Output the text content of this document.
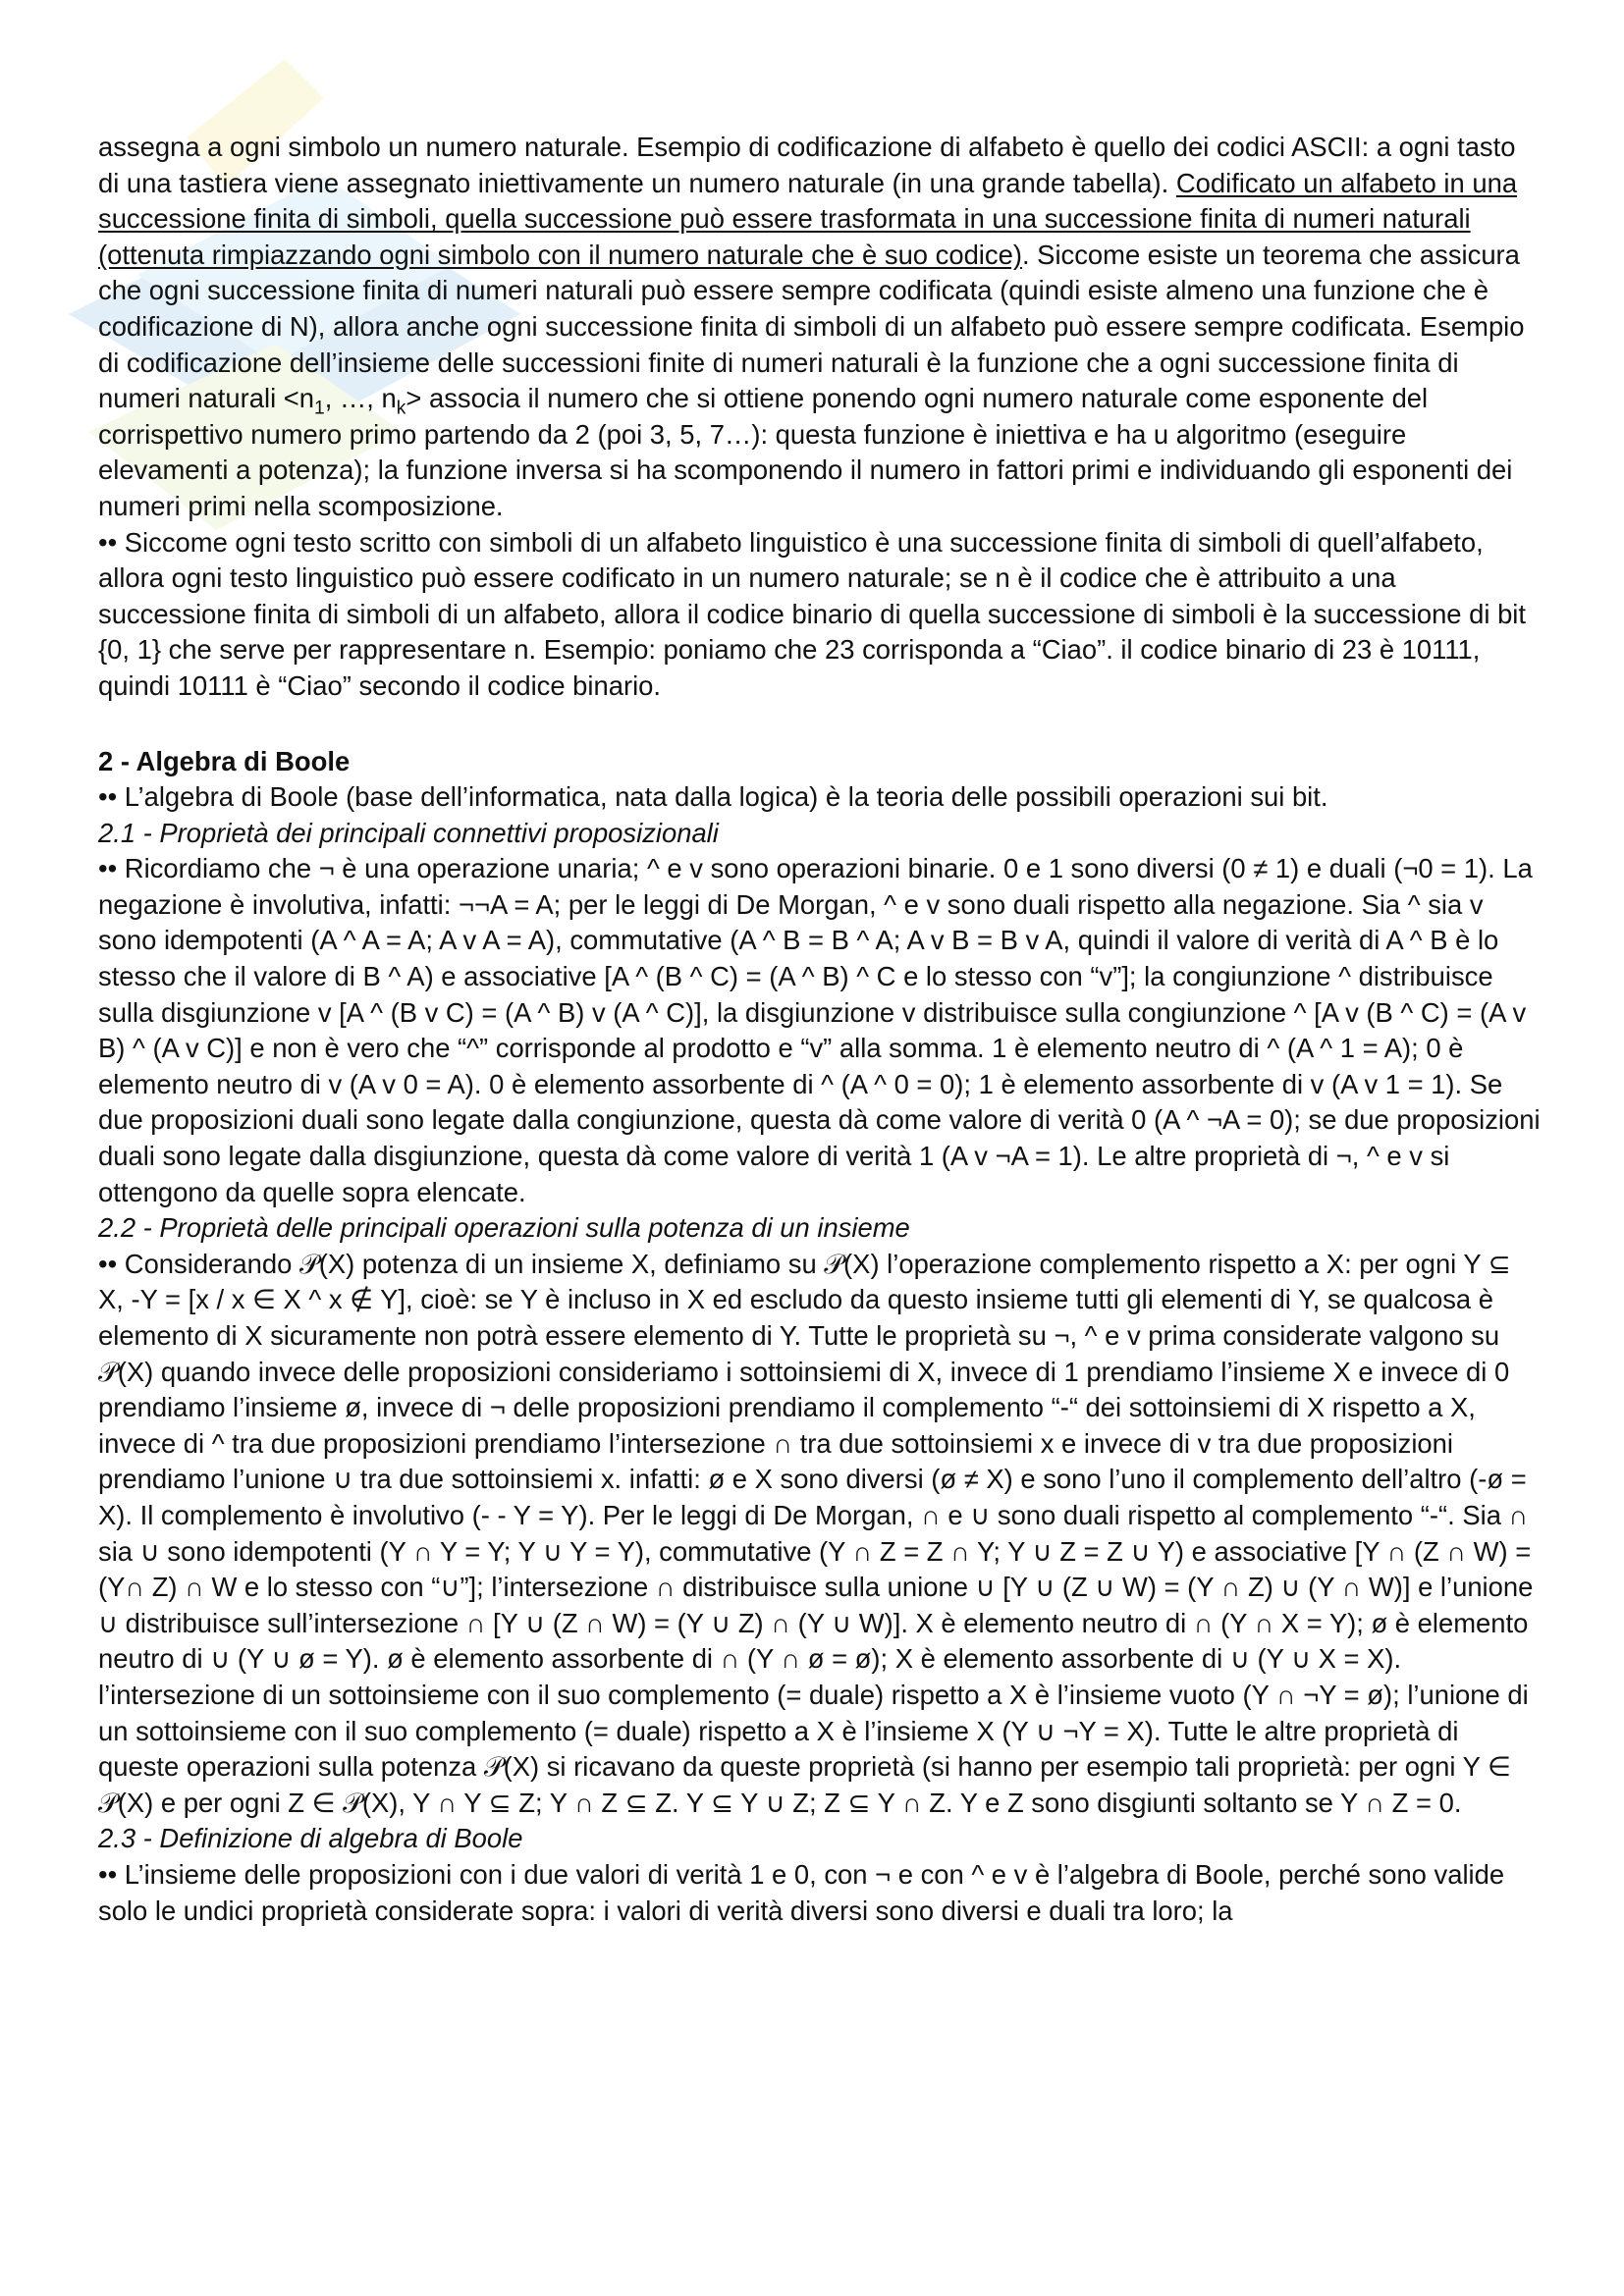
assegna a ogni simbolo un numero naturale. Esempio di codificazione di alfabeto è quello dei codici ASCII: a ogni tasto di una tastiera viene assegnato iniettivamente un numero naturale (in una grande tabella). Codificato un alfabeto in una successione finita di simboli, quella successione può essere trasformata in una successione finita di numeri naturali (ottenuta rimpiazzando ogni simbolo con il numero naturale che è suo codice). Siccome esiste un teorema che assicura che ogni successione finita di numeri naturali può essere sempre codificata (quindi esiste almeno una funzione che è codificazione di N), allora anche ogni successione finita di simboli di un alfabeto può essere sempre codificata. Esempio di codificazione dell’insieme delle successioni finite di numeri naturali è la funzione che a ogni successione finita di numeri naturali $<n_1$, …, $n_k>$ associa il numero che si ottiene ponendo ogni numero naturale come esponente del corrispettivo numero primo partendo da 2 (poi 3, 5, 7…): questa funzione è iniettiva e ha u algoritmo (eseguire elevamenti a potenza); la funzione inversa si ha scomponendo il numero in fattori primi e individuando gli esponenti dei numeri primi nella scomposizione.

•• Siccome ogni testo scritto con simboli di un alfabeto linguistico è una successione finita di simboli di quell’alfabeto, allora ogni testo linguistico può essere codificato in un numero naturale; se n è il codice che è attribuito a una successione finita di simboli di un alfabeto, allora il codice binario di quella successione di simboli è la successione di bit {0, 1} che serve per rappresentare n. Esempio: poniamo che 23 corrisponda a “Ciao”. il codice binario di 23 è 10111, quindi 10111 è “Ciao” secondo il codice binario.

2 - Algebra di Boole

•• L’algebra di Boole (base dell’informatica, nata dalla logica) è la teoria delle possibili operazioni sui bit.

2.1 - Proprietà dei principali connettivi proposizionali

•• Ricordiamo che ¬ è una operazione unaria; ^ e v sono operazioni binarie. 0 e 1 sono diversi (0 ≠ 1) e duali (¬0 = 1). La negazione è involutiva, infatti: ¬¬A = A; per le leggi di De Morgan, ^ e v sono duali rispetto alla negazione. Sia ^ sia v sono idempotenti (A ^ A = A; A v A = A), commutative (A ^ B = B ^ A; A v B = B v A, quindi il valore di verità di A ^ B è lo stesso che il valore di B ^ A) e associative [A ^ (B ^ C) = (A ^ B) ^ C e lo stesso con “v”]; la congiunzione ^ distribuisce sulla disgiunzione v [A ^ (B v C) = (A ^ B) v (A ^ C)], la disgiunzione v distribuisce sulla congiunzione ^ [A v (B ^ C) = (A v B) ^ (A v C)] e non è vero che “^” corrisponde al prodotto e “v” alla somma. 1 è elemento neutro di ^ (A ^ 1 = A); 0 è elemento neutro di v (A v 0 = A). 0 è elemento assorbente di ^ (A ^ 0 = 0); 1 è elemento assorbente di v (A v 1 = 1). Se due proposizioni duali sono legate dalla congiunzione, questa dà come valore di verità 0 (A ^ ¬A = 0); se due proposizioni duali sono legate dalla disgiunzione, questa dà come valore di verità 1 (A v ¬A = 1). Le altre proprietà di ¬, ^ e v si ottengono da quelle sopra elencate.

2.2 - Proprietà delle principali operazioni sulla potenza di un insieme

•• Considerando 𝒫(X) potenza di un insieme X, definiamo su 𝒫(X) l’operazione complemento rispetto a X: per ogni Y ⊆ X, -Y = [x / x ∈ X ^ x ∉ Y], cioè: se Y è incluso in X ed escludo da questo insieme tutti gli elementi di Y, se qualcosa è elemento di X sicuramente non potrà essere elemento di Y. Tutte le proprietà su ¬, ^ e v prima considerate valgono su 𝒫(X) quando invece delle proposizioni consideriamo i sottoinsiemi di X, invece di 1 prendiamo l’insieme X e invece di 0 prendiamo l’insieme ø, invece di ¬ delle proposizioni prendiamo il complemento “-“ dei sottoinsiemi di X rispetto a X, invece di ^ tra due proposizioni prendiamo l’intersezione ∩ tra due sottoinsiemi x e invece di v tra due proposizioni prendiamo l’unione ∪ tra due sottoinsiemi x. infatti: ø e X sono diversi (ø ≠ X) e sono l’uno il complemento dell’altro (-ø = X). Il complemento è involutivo (- - Y = Y). Per le leggi di De Morgan, ∩ e ∪ sono duali rispetto al complemento “-“. Sia ∩ sia ∪ sono idempotenti (Y ∩ Y = Y; Y ∪ Y = Y), commutative (Y ∩ Z = Z ∩ Y; Y ∪ Z = Z ∪ Y) e associative [Y ∩ (Z ∩ W) = (Y∩ Z) ∩ W e lo stesso con “∪”]; l’intersezione ∩ distribuisce sulla unione ∪ [Y ∪ (Z ∪ W) = (Y ∩ Z) ∪ (Y ∩ W)] e l’unione ∪ distribuisce sull’intersezione ∩ [Y ∪ (Z ∩ W) = (Y ∪ Z) ∩ (Y ∪ W)]. X è elemento neutro di ∩ (Y ∩ X = Y); ø è elemento neutro di ∪ (Y ∪ ø = Y). ø è elemento assorbente di ∩ (Y ∩ ø = ø); X è elemento assorbente di ∪ (Y ∪ X = X). l’intersezione di un sottoinsieme con il suo complemento (= duale) rispetto a X è l’insieme vuoto (Y ∩ ¬Y = ø); l’unione di un sottoinsieme con il suo complemento (= duale) rispetto a X è l’insieme X (Y ∪ ¬Y = X). Tutte le altre proprietà di queste operazioni sulla potenza 𝒫(X) si ricavano da queste proprietà (si hanno per esempio tali proprietà: per ogni Y ∈ 𝒫(X) e per ogni Z ∈ 𝒫(X), Y ∩ Y ⊆ Z; Y ∩ Z ⊆ Z. Y ⊆ Y ∪ Z; Z ⊆ Y ∩ Z. Y e Z sono disgiunti soltanto se Y ∩ Z = 0.

2.3 - Definizione di algebra di Boole

•• L’insieme delle proposizioni con i due valori di verità 1 e 0, con ¬ e con ^ e v è l’algebra di Boole, perché sono valide solo le undici proprietà considerate sopra: i valori di verità diversi sono diversi e duali tra loro; la
